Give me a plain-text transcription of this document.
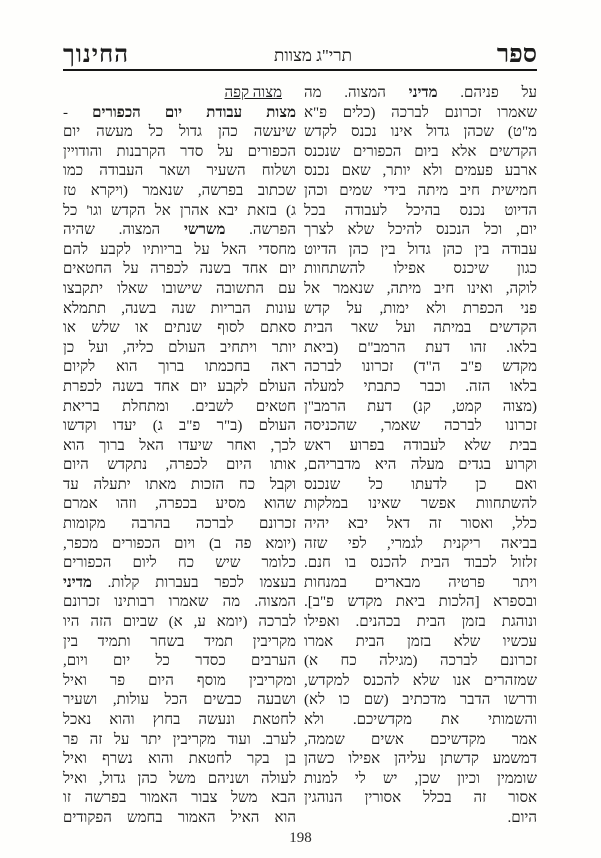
ספר
תרי"ג מצוות
החינוך
על פניהם. מדיני המצוה. מה
שאמרו זכרונם לברכה (כלים פ"א
מ"ט) שכהן גדול אינו נכנס לקדש
הקדשים אלא ביום הכפורים שנכנס
ארבע פעמים ולא יותר, שאם נכנס
חמישית חיב מיתה בידי שמים וכהן
הדיוט נכנס בהיכל לעבודה בכל
יום, וכל הנכנס להיכל שלא לצרך
עבודה בין כהן גדול בין כהן הדיוט
כגון שיכנס אפילו להשתחוות
לוקה, ואינו חיב מיתה, שנאמר אל
פני הכפרת ולא ימות, על קדש
הקדשים במיתה ועל שאר הבית
בלאו. זהו דעת הרמב"ם (ביאת
מקדש פ"ב ה"ד) זכרונו לברכה
בלאו הזה. וכבר כתבתי למעלה
(מצוה קמט, קנ) דעת הרמב"ן
זכרונו לברכה שאמר, שהכניסה
בבית שלא לעבודה בפרוע ראש
וקרוע בגדים מעלה היא מדבריהם,
ואם כן לדעתו כל שנכנס
להשתחוות אפשר שאינו במלקות
כלל, ואסור זה דאל יבא יהיה
בביאה ריקנית לגמרי, לפי שזה
זלזול לכבוד הבית להכנס בו חנם.
ויתר פרטיה מבארים במנחות
ובספרא [הלכות ביאת מקדש פ"ב].
ונוהגת בזמן הבית בכהנים. ואפילו
עכשיו שלא בזמן הבית אמרו
זכרונם לברכה (מגילה כח א)
שמזהרים אנו שלא להכנס למקדש,
ודרשו הדבר מדכתיב (שם כו לא)
והשמותי את מקדשיכם. ולא
אמר מקדשיכם אשים שממה,
דמשמע קדשתן עליהן אפילו כשהן
שוממין וכיון שכן, יש לי למנות
אסור זה בכלל אסורין הנוהגין
היום.
מצוה קפה
מצות עבודת יום הכפורים -
שיעשה כהן גדול כל מעשה יום
הכפורים על סדר הקרבנות והודויין
ושלוח השעיר ושאר העבודה כמו
שכתוב בפרשה, שנאמר (ויקרא טז
ג) בזאת יבא אהרן אל הקדש וגו' כל
הפרשה. משרשי המצוה. שהיה
מחסדי האל על בריותיו לקבע להם
יום אחד בשנה לכפרה על החטאים
עם התשובה שישובו שאלו יתקבצו
עונות הבריות שנה בשנה, תתמלא
סאתם לסוף שנתים או שלש או
יותר ויתחיב העולם כליה, ועל כן
ראה בחכמתו ברוך הוא לקיום
העולם לקבע יום אחד בשנה לכפרת
חטאים לשבים. ומתחלת בריאת
העולם (ב"ר פ"ב ג) יעדו וקדשו
לכך, ואחר שיעדו האל ברוך הוא
אותו היום לכפרה, נתקדש היום
וקבל כח הזכות מאתו יתעלה עד
שהוא מסיע בכפרה, וזהו אמרם
זכרונם לברכה בהרבה מקומות
(יומא פה ב) ויום הכפורים מכפר,
כלומר שיש כח ליום הכפורים
בעצמו לכפר בעברות קלות. מדיני
המצוה. מה שאמרו רבותינו זכרונם
לברכה (יומא ע, א) שביום הזה היו
מקריבין תמיד בשחר ותמיד בין
הערבים כסדר כל יום ויום,
ומקריבין מוסף היום פר ואיל
ושבעה כבשים הכל עולות, ושעיר
לחטאת ונעשה בחוץ והוא נאכל
לערב. ועוד מקריבין יתר על זה פר
בן בקר לחטאת והוא נשרף ואיל
לעולה ושניהם משל כהן גדול, ואיל
הבא משל צבור האמור בפרשה זו
הוא האיל האמור בחמש הפקודים
198
